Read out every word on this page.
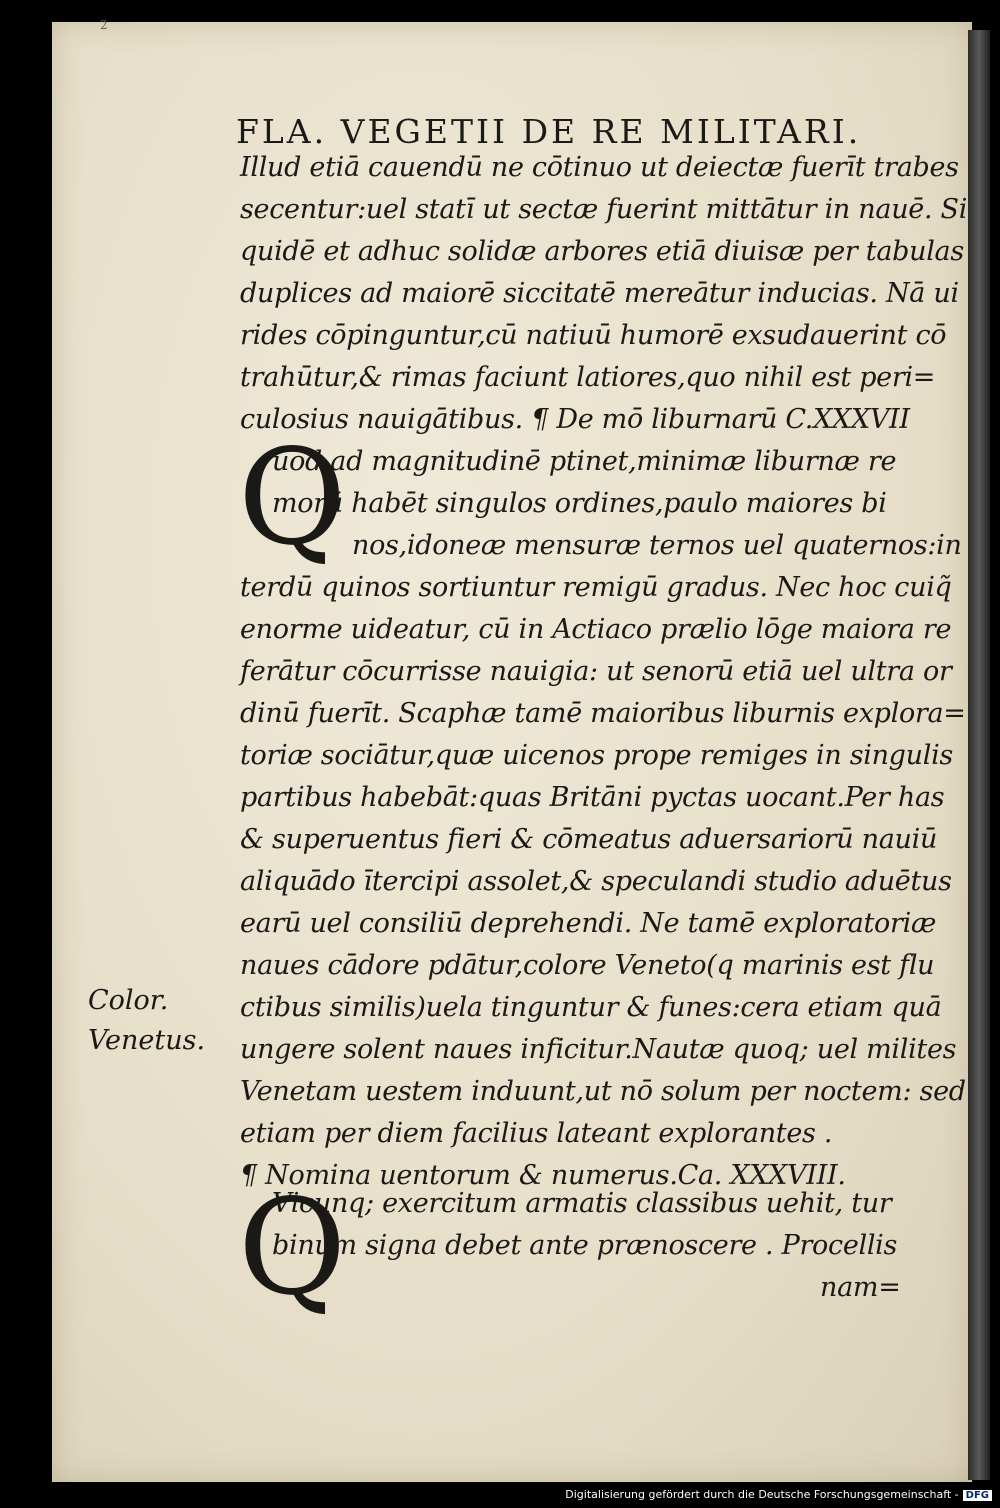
2
FLA. VEGETII DE RE MILITARI.
Illud etiā cauendū ne cōtinuo ut deiectæ fuerīt trabes
secentur:uel statī ut sectæ fuerint mittātur in nauē. Si
quidē et adhuc solidæ arbores etiā diuisæ per tabulas
duplices ad maiorē siccitatē mereātur inducias. Nā ui
rides cōpinguntur,cū natiuū humorē exsudauerint cō
trahūtur,& rimas faciunt latiores,quo nihil est peri=
culosius nauigātibus. ¶ De mō liburnarū C.XXXVII
Q
uod ad magnitudinē ptinet,minimæ liburnæ re
morū habēt singulos ordines,paulo maiores bi
nos,idoneæ mensuræ ternos uel quaternos:in
terdū quinos sortiuntur remigū gradus. Nec hoc cuiq̃
enorme uideatur, cū in Actiaco prælio lōge maiora re
ferātur cōcurrisse nauigia: ut senorū etiā uel ultra or
dinū fuerīt. Scaphæ tamē maioribus liburnis explora=
toriæ sociātur,quæ uicenos prope remiges in singulis
partibus habebāt:quas Britāni pyctas uocant.Per has
& superuentus fieri & cōmeatus aduersariorū nauiū
aliquādo ītercipi assolet,& speculandi studio aduētus
earū uel consiliū deprehendi. Ne tamē exploratoriæ
naues cādore pdātur,colore Veneto(q marinis est flu
ctibus similis)uela tinguntur & funes:cera etiam quā
ungere solent naues inficitur.Nautæ quoq; uel milites
Venetam uestem induunt,ut nō solum per noctem: sed
etiam per diem facilius lateant explorantes .
¶ Nomina uentorum & numerus.Ca. XXXVIII.
Q
Vicunq; exercitum armatis classibus uehit, tur
binum signa debet ante prænoscere . Procellis
nam=
Color.
Venetus.
Digitalisierung gefördert durch die Deutsche Forschungsgemeinschaft - DFG
